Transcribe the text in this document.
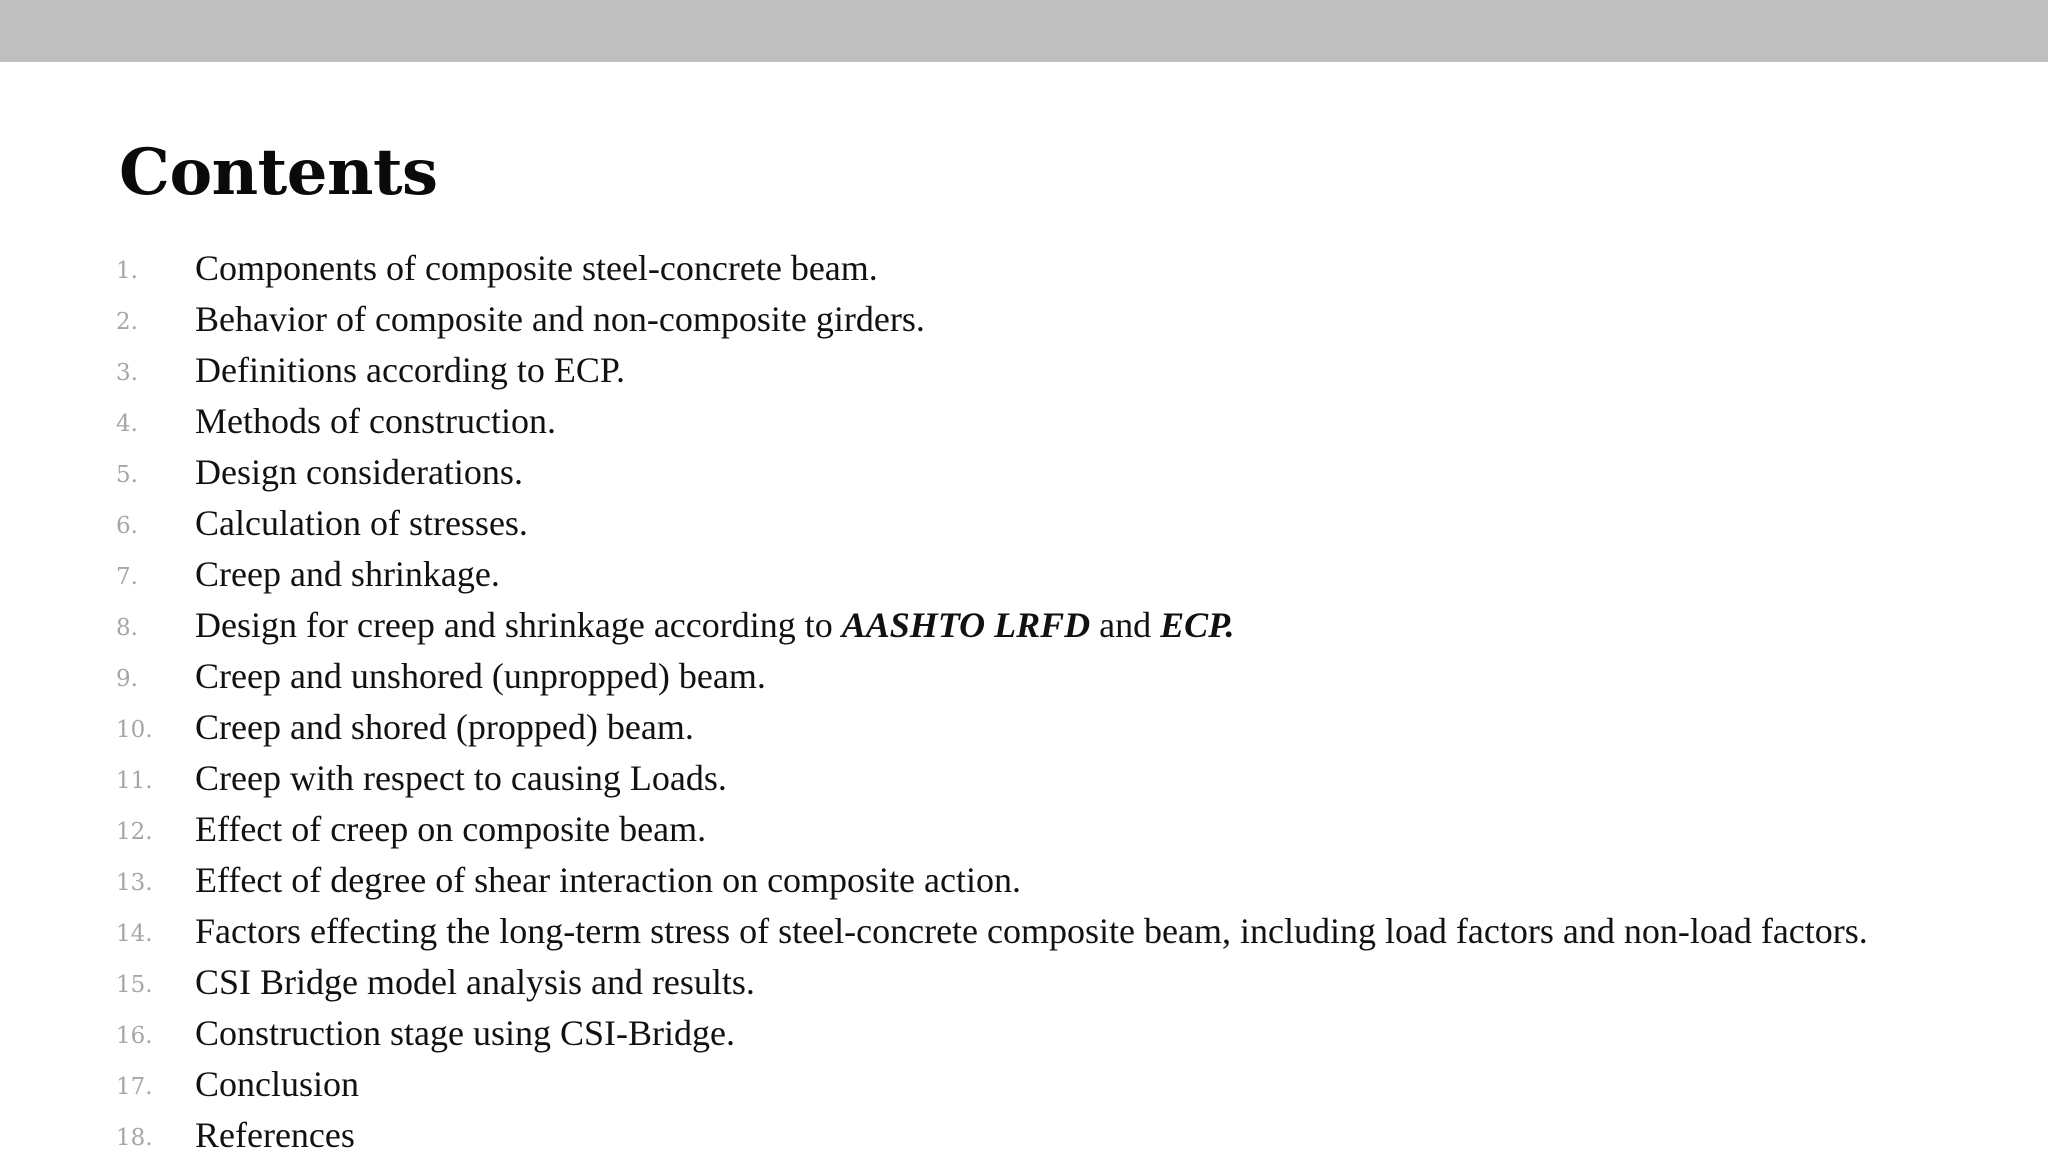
Contents
1.	Components of composite steel-concrete beam.
2.	Behavior of composite and non-composite girders.
3.	Definitions according to ECP.
4.	Methods of construction.
5.	Design considerations.
6.	Calculation of stresses.
7.	Creep and shrinkage.
8.	Design for creep and shrinkage according to AASHTO LRFD and ECP.
9.	Creep and unshored (unpropped) beam.
10.	Creep and shored (propped) beam.
11.	Creep with respect to causing Loads.
12.	Effect of creep on composite beam.
13.	Effect of degree of shear interaction on composite action.
14.	Factors effecting the long-term stress of steel-concrete composite beam, including load factors and non-load factors.
15.	CSI Bridge model analysis and results.
16.	Construction stage using CSI-Bridge.
17.	Conclusion
18.	References
